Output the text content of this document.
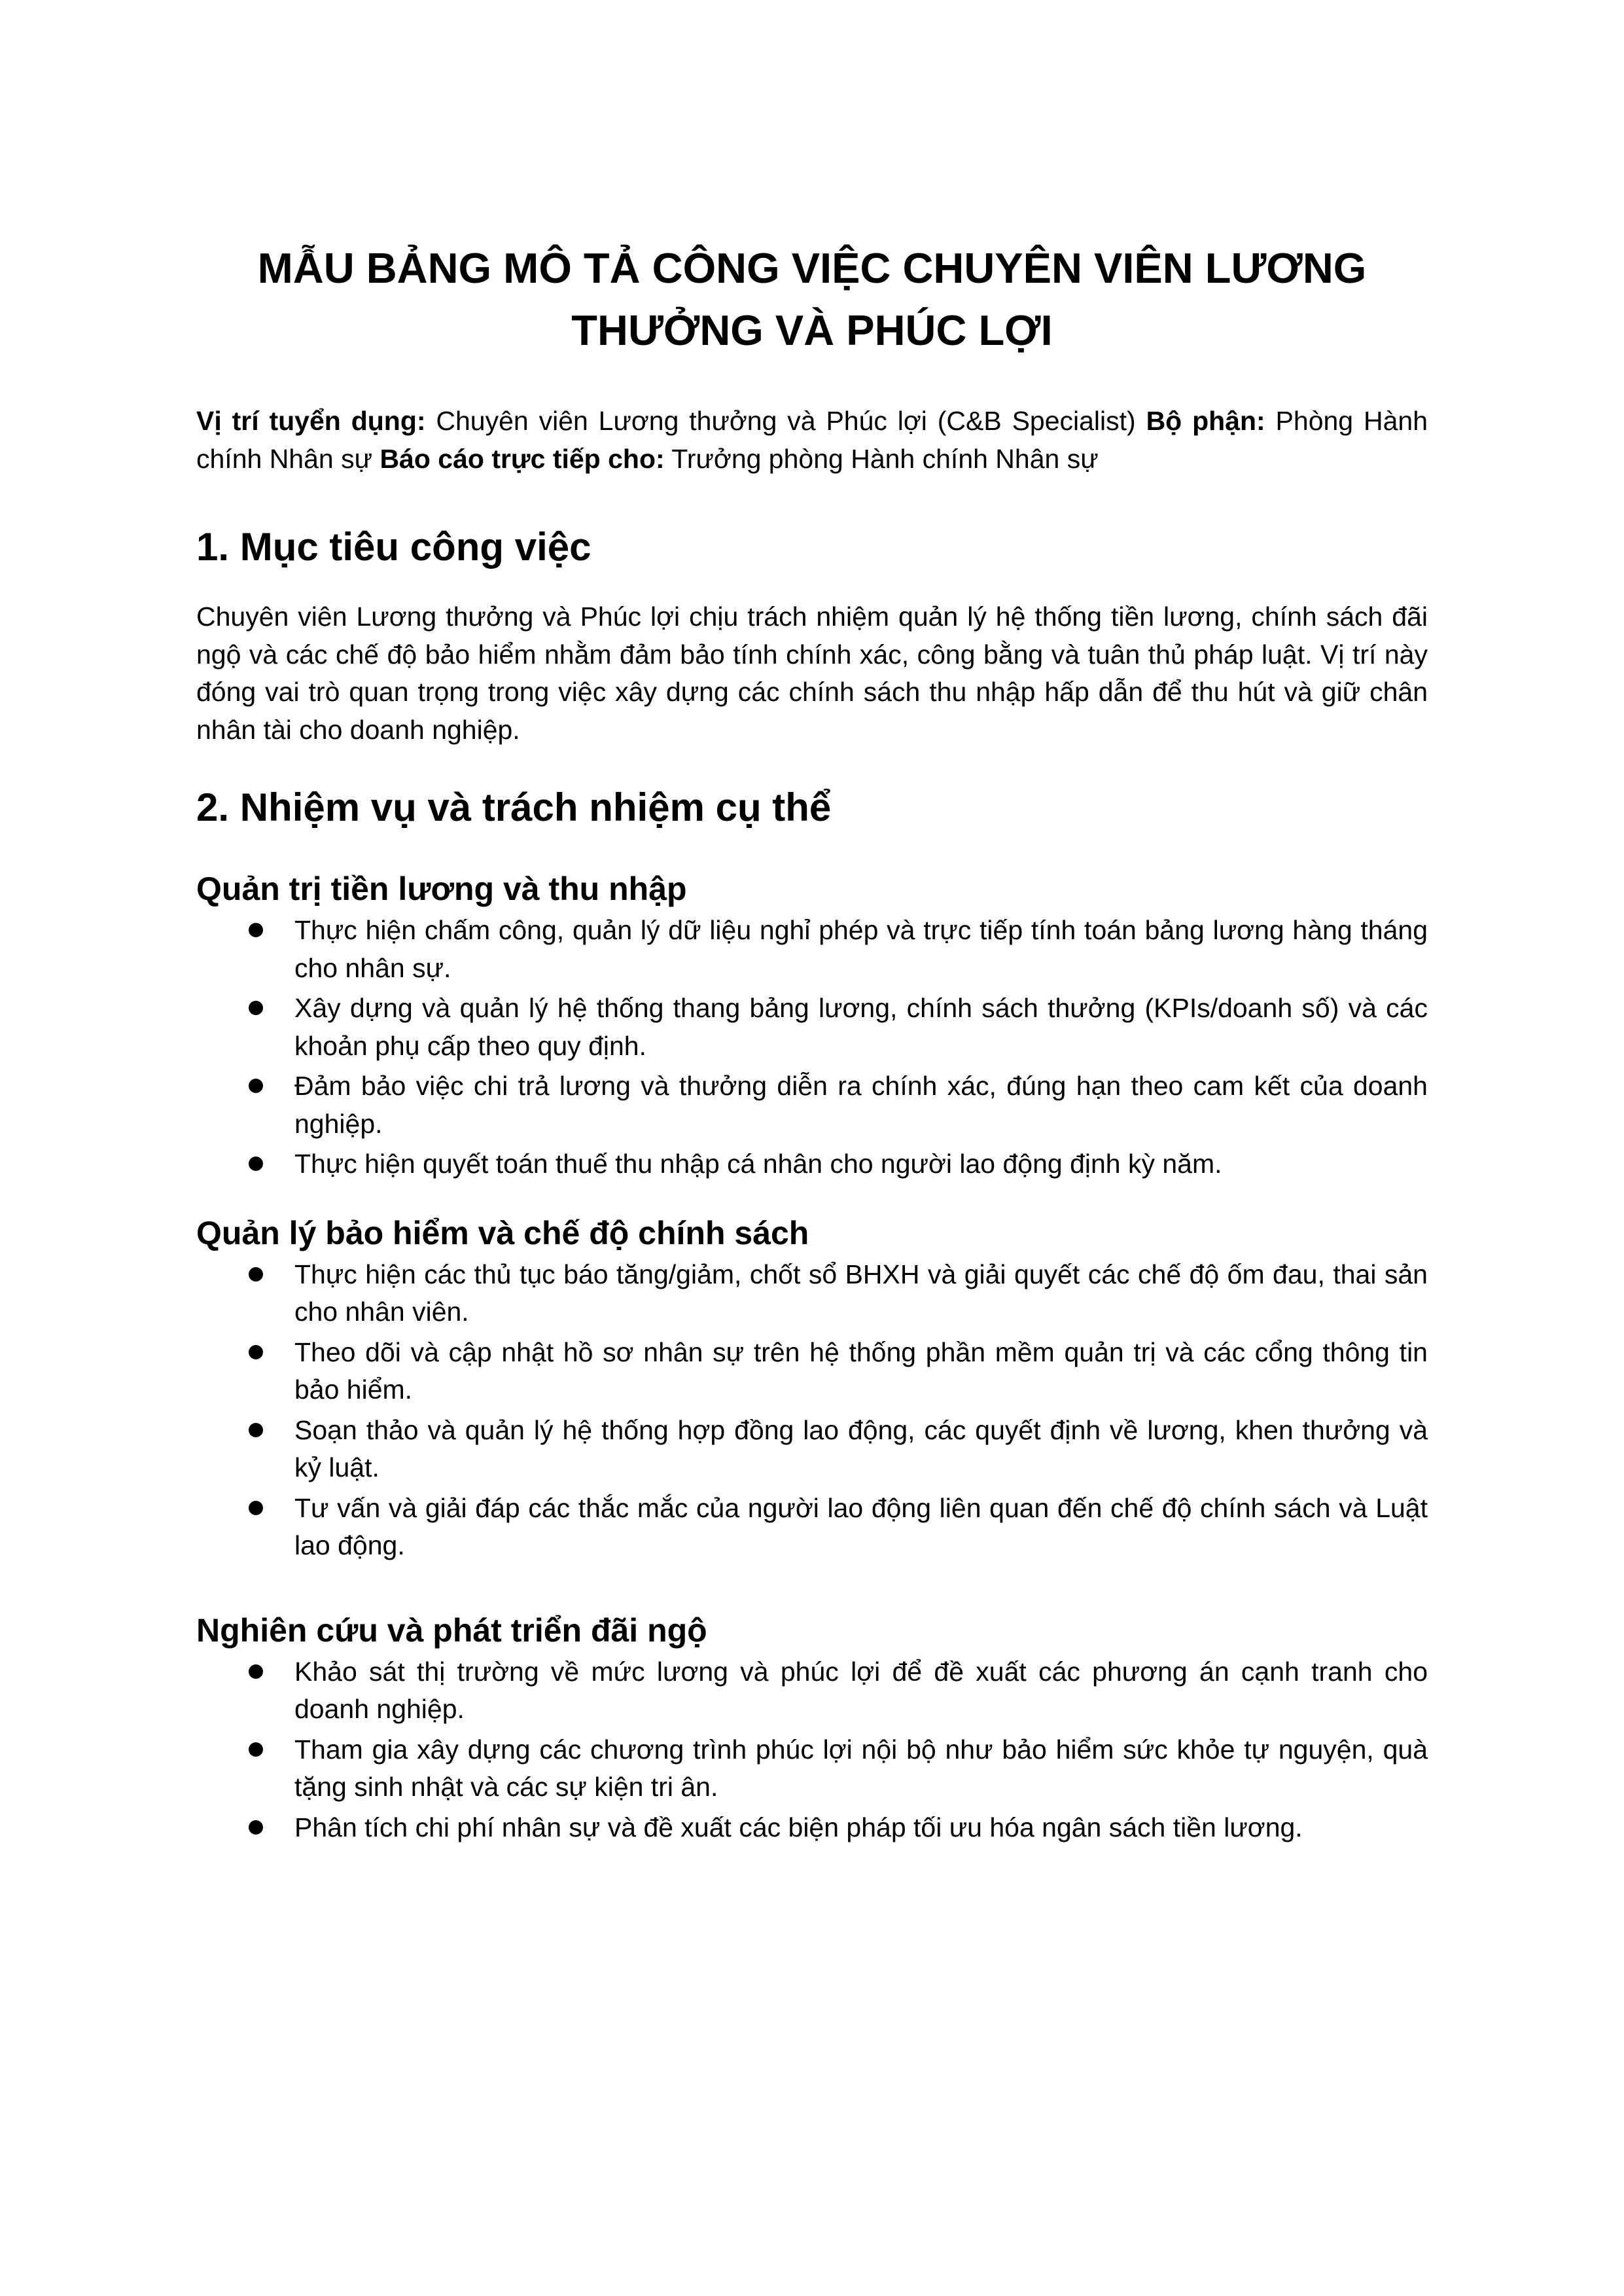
MẪU BẢNG MÔ TẢ CÔNG VIỆC CHUYÊN VIÊN LƯƠNG THƯỞNG VÀ PHÚC LỢI

Vị trí tuyển dụng: Chuyên viên Lương thưởng và Phúc lợi (C&B Specialist) Bộ phận: Phòng Hành chính Nhân sự Báo cáo trực tiếp cho: Trưởng phòng Hành chính Nhân sự

1. Mục tiêu công việc

Chuyên viên Lương thưởng và Phúc lợi chịu trách nhiệm quản lý hệ thống tiền lương, chính sách đãi ngộ và các chế độ bảo hiểm nhằm đảm bảo tính chính xác, công bằng và tuân thủ pháp luật. Vị trí này đóng vai trò quan trọng trong việc xây dựng các chính sách thu nhập hấp dẫn để thu hút và giữ chân nhân tài cho doanh nghiệp.

2. Nhiệm vụ và trách nhiệm cụ thể
Quản trị tiền lương và thu nhập
Thực hiện chấm công, quản lý dữ liệu nghỉ phép và trực tiếp tính toán bảng lương hàng tháng cho nhân sự.
Xây dựng và quản lý hệ thống thang bảng lương, chính sách thưởng (KPIs/doanh số) và các khoản phụ cấp theo quy định.
Đảm bảo việc chi trả lương và thưởng diễn ra chính xác, đúng hạn theo cam kết của doanh nghiệp.
Thực hiện quyết toán thuế thu nhập cá nhân cho người lao động định kỳ năm.
Quản lý bảo hiểm và chế độ chính sách
Thực hiện các thủ tục báo tăng/giảm, chốt sổ BHXH và giải quyết các chế độ ốm đau, thai sản cho nhân viên.
Theo dõi và cập nhật hồ sơ nhân sự trên hệ thống phần mềm quản trị và các cổng thông tin bảo hiểm.
Soạn thảo và quản lý hệ thống hợp đồng lao động, các quyết định về lương, khen thưởng và kỷ luật.
Tư vấn và giải đáp các thắc mắc của người lao động liên quan đến chế độ chính sách và Luật lao động.
Nghiên cứu và phát triển đãi ngộ
Khảo sát thị trường về mức lương và phúc lợi để đề xuất các phương án cạnh tranh cho doanh nghiệp.
Tham gia xây dựng các chương trình phúc lợi nội bộ như bảo hiểm sức khỏe tự nguyện, quà tặng sinh nhật và các sự kiện tri ân.
Phân tích chi phí nhân sự và đề xuất các biện pháp tối ưu hóa ngân sách tiền lương.
